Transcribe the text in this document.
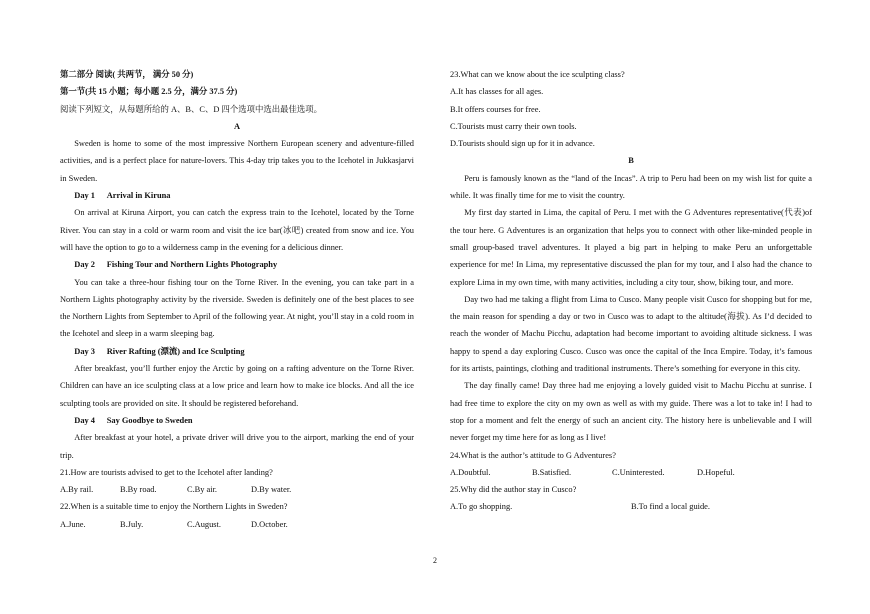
第二部分 阅读( 共两节， 满分 50 分)

第一节(共 15 小题；每小题 2.5 分，满分 37.5 分)

阅读下列短文，从每题所给的 A、B、C、D 四个选项中选出最佳选项。

A

Sweden is home to some of the most impressive Northern European scenery and adventure-filled activities, and is a perfect place for nature-lovers. This 4-day trip takes you to the Icehotel in Jukkasjarvi in Sweden.

Day 1 Arrival in Kiruna

On arrival at Kiruna Airport, you can catch the express train to the Icehotel, located by the Torne River. You can stay in a cold or warm room and visit the ice bar(冰吧) created from snow and ice. You will have the option to go to a wilderness camp in the evening for a delicious dinner.

Day 2 Fishing Tour and Northern Lights Photography

You can take a three-hour fishing tour on the Torne River. In the evening, you can take part in a Northern Lights photography activity by the riverside. Sweden is definitely one of the best places to see the Northern Lights from September to April of the following year. At night, you’ll stay in a cold room in the Icehotel and sleep in a warm sleeping bag.

Day 3 River Rafting (漂流) and Ice Sculpting

After breakfast, you’ll further enjoy the Arctic by going on a rafting adventure on the Torne River. Children can have an ice sculpting class at a low price and learn how to make ice blocks. And all the ice sculpting tools are provided on site. It should be registered beforehand.

Day 4 Say Goodbye to Sweden

After breakfast at your hotel, a private driver will drive you to the airport, marking the end of your trip.

21.How are tourists advised to get to the Icehotel after landing?

A.By rail.	B.By road.	C.By air.	D.By water.

22.When is a suitable time to enjoy the Northern Lights in Sweden?

A.June.	B.July.	C.August.	D.October.

23.What can we know about the ice sculpting class?

A.It has classes for all ages.

B.It offers courses for free.

C.Tourists must carry their own tools.

D.Tourists should sign up for it in advance.

B

Peru is famously known as the “land of the Incas”. A trip to Peru had been on my wish list for quite a while. It was finally time for me to visit the country.

My first day started in Lima, the capital of Peru. I met with the G Adventures representative(代表)of the tour here. G Adventures is an organization that helps you to connect with other like-minded people in small group-based travel adventures. It played a big part in helping to make Peru an unforgettable experience for me! In Lima, my representative discussed the plan for my tour, and I also had the chance to explore Lima in my own time, with many activities, including a city tour, show, biking tour, and more.

Day two had me taking a flight from Lima to Cusco. Many people visit Cusco for shopping but for me, the main reason for spending a day or two in Cusco was to adapt to the altitude(海拔). As I’d decided to reach the wonder of Machu Picchu, adaptation had become important to avoiding altitude sickness. I was happy to spend a day exploring Cusco. Cusco was once the capital of the Inca Empire. Today, it’s famous for its artists, paintings, clothing and traditional instruments. There’s something for everyone in this city.

The day finally came! Day three had me enjoying a lovely guided visit to Machu Picchu at sunrise. I had free time to explore the city on my own as well as with my guide. There was a lot to take in! I had to stop for a moment and felt the energy of such an ancient city. The history here is unbelievable and I will never forget my time here for as long as I live!

24.What is the author’s attitude to G Adventures?

A.Doubtful.	B.Satisfied.	C.Uninterested.	D.Hopeful.

25.Why did the author stay in Cusco?

A.To go shopping.	B.To find a local guide.

2
